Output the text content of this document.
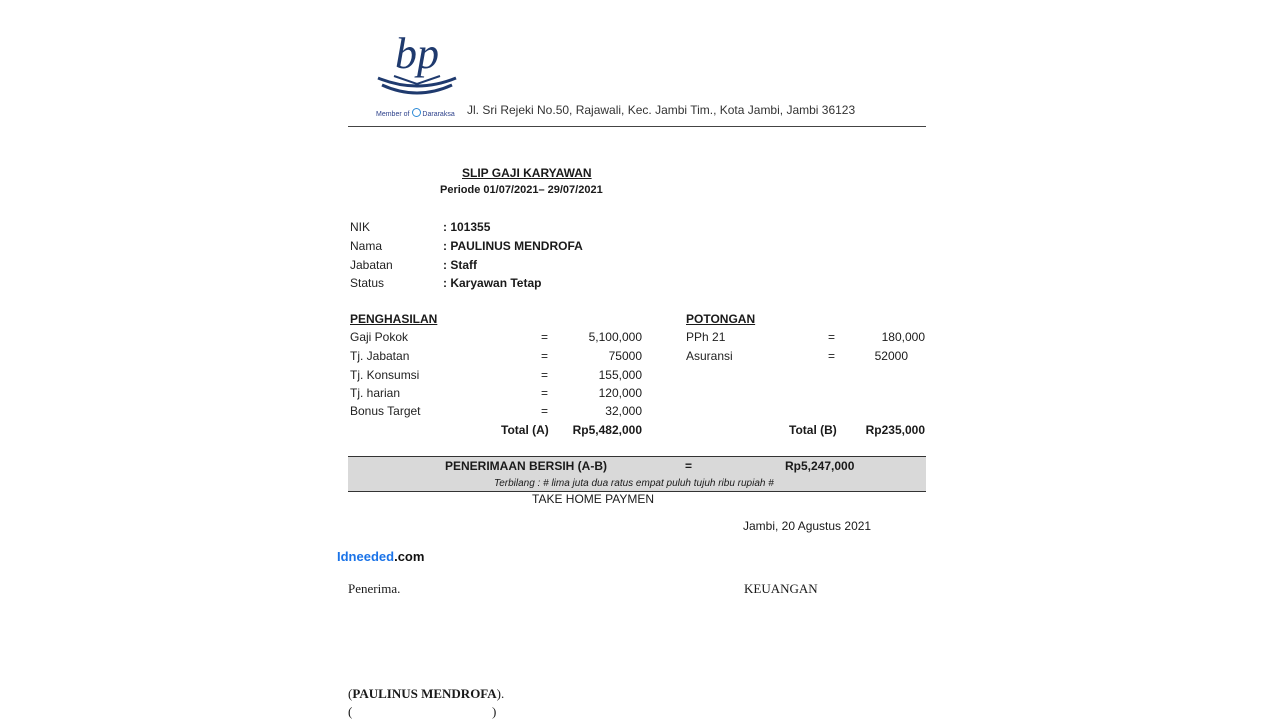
bp
Member of Dararaksa Jl. Sri Rejeki No.50, Rajawali, Kec. Jambi Tim., Kota Jambi, Jambi 36123
SLIP GAJI KARYAWAN
Periode 01/07/2021– 29/07/2021
NIK	: 101355
Nama	: PAULINUS MENDROFA
Jabatan	: Staff
Status	: Karyawan Tetap
PENGHASILAN
Gaji Pokok	=	5,100,000
Tj. Jabatan	=	75000
Tj. Konsumsi	=	155,000
Tj. harian	=	120,000
Bonus Target	=	32,000
Total (A) Rp5,482,000
POTONGAN
PPh 21	=	180,000
Asuransi	=	52000
Total (B) Rp235,000
PENERIMAAN BERSIH (A-B)	=	Rp5,247,000
Terbilang : # lima juta dua ratus empat puluh tujuh ribu rupiah #
TAKE HOME PAYMEN
Jambi, 20 Agustus 2021
Idneeded.com
Penerima.	KEUANGAN
(PAULINUS MENDROFA).
(	)
